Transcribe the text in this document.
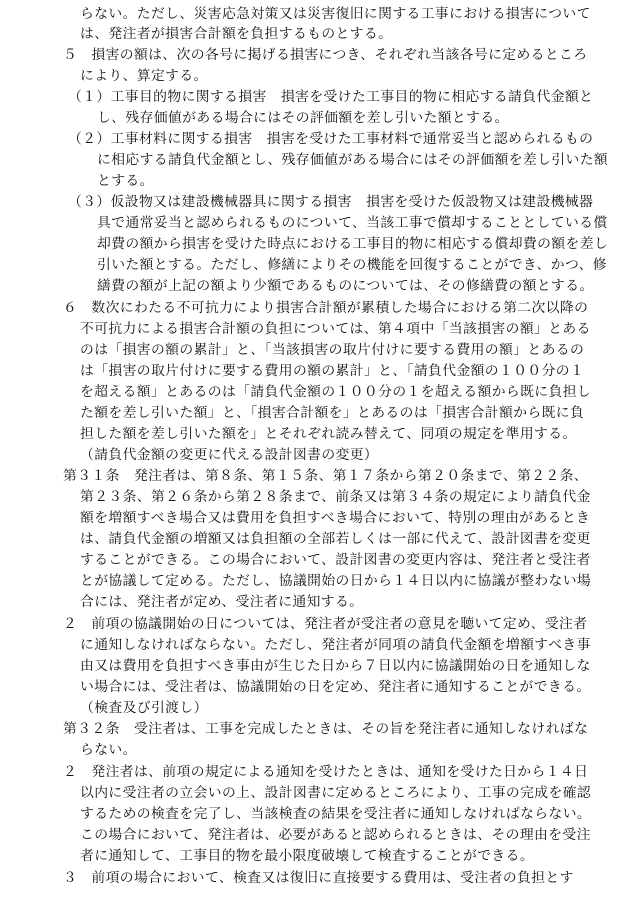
らない。ただし、災害応急対策又は災害復旧に関する工事における損害について
は、発注者が損害合計額を負担するものとする。
５　損害の額は、次の各号に掲げる損害につき、それぞれ当該各号に定めるところ
により、算定する。
（１）工事目的物に関する損害　損害を受けた工事目的物に相応する請負代金額と
し、残存価値がある場合にはその評価額を差し引いた額とする。
（２）工事材料に関する損害　損害を受けた工事材料で通常妥当と認められるもの
に相応する請負代金額とし、残存価値がある場合にはその評価額を差し引いた額
とする。
（３）仮設物又は建設機械器具に関する損害　損害を受けた仮設物又は建設機械器
具で通常妥当と認められるものについて、当該工事で償却することとしている償
却費の額から損害を受けた時点における工事目的物に相応する償却費の額を差し
引いた額とする。ただし、修繕によりその機能を回復することができ、かつ、修
繕費の額が上記の額より少額であるものについては、その修繕費の額とする。
６　数次にわたる不可抗力により損害合計額が累積した場合における第二次以降の
不可抗力による損害合計額の負担については、第４項中「当該損害の額」とある
のは「損害の額の累計」と、「当該損害の取片付けに要する費用の額」とあるの
は「損害の取片付けに要する費用の額の累計」と、「請負代金額の１００分の１
を超える額」とあるのは「請負代金額の１００分の１を超える額から既に負担し
た額を差し引いた額」と、「損害合計額を」とあるのは「損害合計額から既に負
担した額を差し引いた額を」とそれぞれ読み替えて、同項の規定を準用する。
（請負代金額の変更に代える設計図書の変更）
第３１条　発注者は、第８条、第１５条、第１７条から第２０条まで、第２２条、
第２３条、第２６条から第２８条まで、前条又は第３４条の規定により請負代金
額を増額すべき場合又は費用を負担すべき場合において、特別の理由があるとき
は、請負代金額の増額又は負担額の全部若しくは一部に代えて、設計図書を変更
することができる。この場合において、設計図書の変更内容は、発注者と受注者
とが協議して定める。ただし、協議開始の日から１４日以内に協議が整わない場
合には、発注者が定め、受注者に通知する。
２　前項の協議開始の日については、発注者が受注者の意見を聴いて定め、受注者
に通知しなければならない。ただし、発注者が同項の請負代金額を増額すべき事
由又は費用を負担すべき事由が生じた日から７日以内に協議開始の日を通知しな
い場合には、受注者は、協議開始の日を定め、発注者に通知することができる。
（検査及び引渡し）
第３２条　受注者は、工事を完成したときは、その旨を発注者に通知しなければな
らない。
２　発注者は、前項の規定による通知を受けたときは、通知を受けた日から１４日
以内に受注者の立会いの上、設計図書に定めるところにより、工事の完成を確認
するための検査を完了し、当該検査の結果を受注者に通知しなければならない。
この場合において、発注者は、必要があると認められるときは、その理由を受注
者に通知して、工事目的物を最小限度破壊して検査することができる。
３　前項の場合において、検査又は復旧に直接要する費用は、受注者の負担とす
